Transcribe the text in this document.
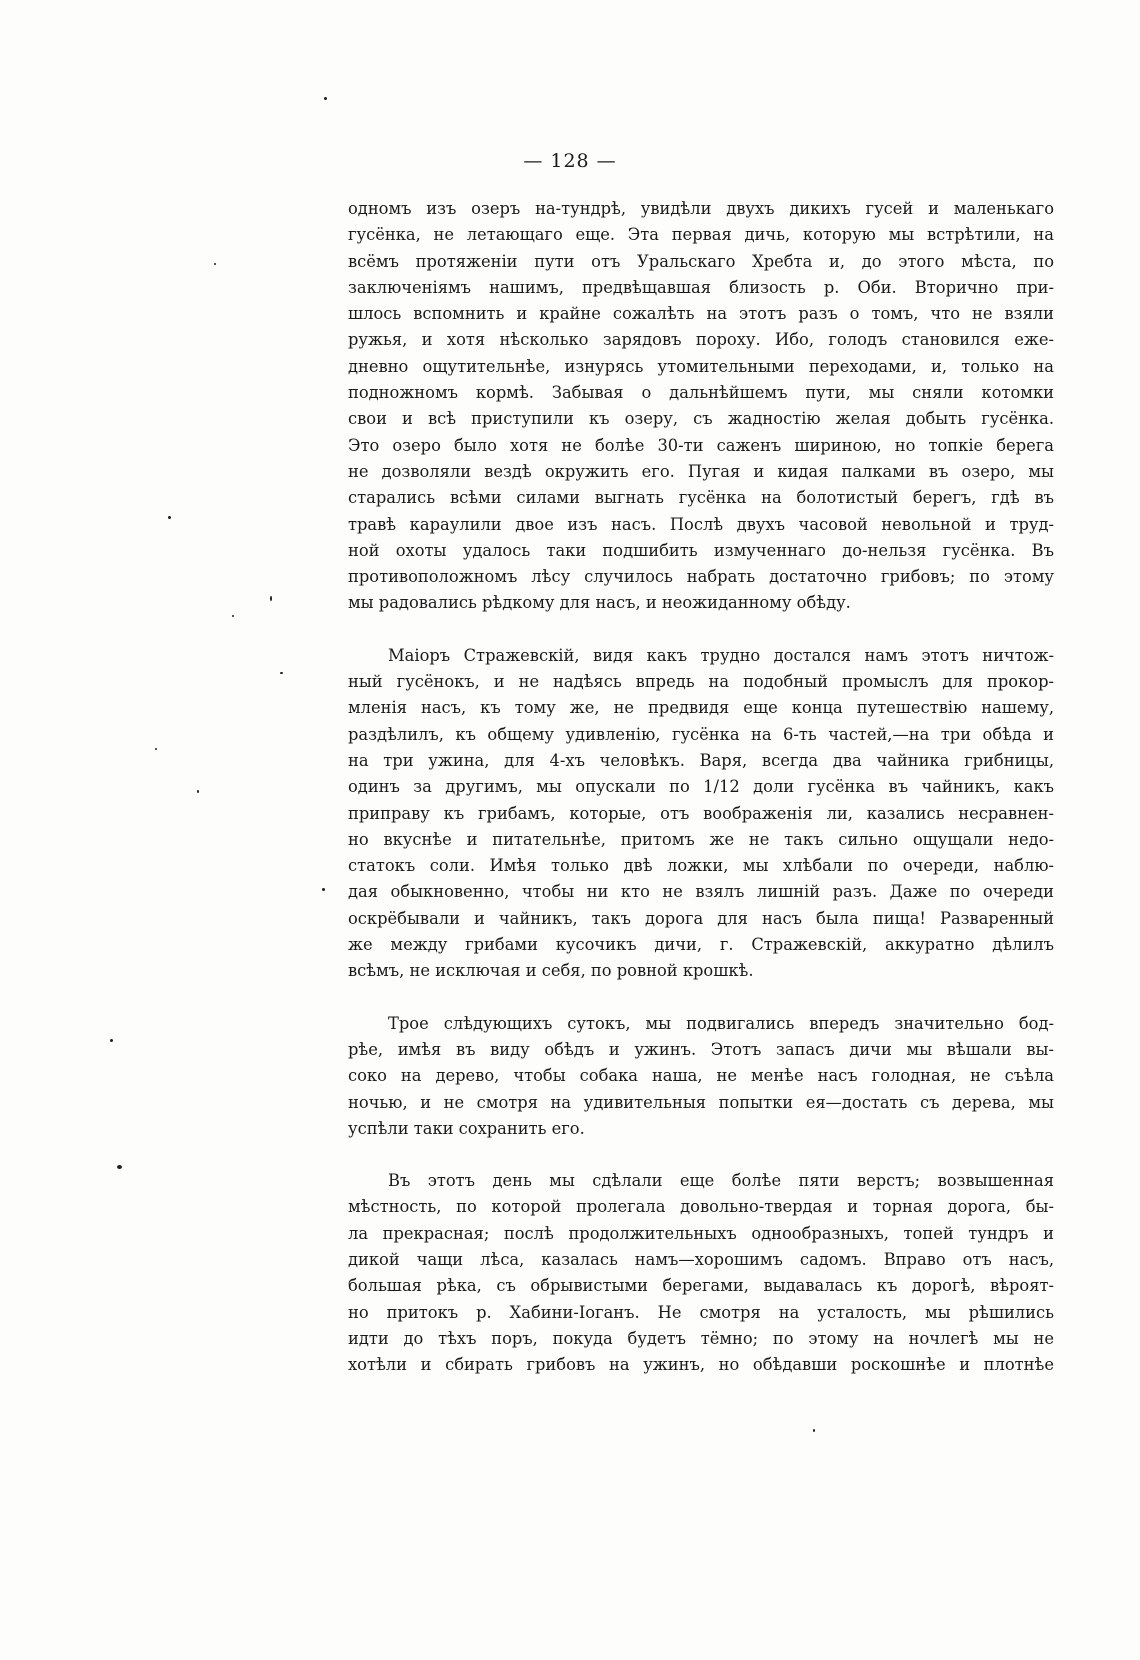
— 128 —
одномъ изъ озеръ на-тундрѣ, увидѣли двухъ дикихъ гусей и маленькаго
гусёнка, не летающаго еще. Эта первая дичь, которую мы встрѣтили, на
всёмъ протяженіи пути отъ Уральскаго Хребта и, до этого мѣста, по
заключеніямъ нашимъ, предвѣщавшая близость р. Оби. Вторично при-
шлось вспомнить и крайне сожалѣть на этотъ разъ о томъ, что не взяли
ружья, и хотя нѣсколько зарядовъ пороху. Ибо, голодъ становился еже-
дневно ощутительнѣе, изнурясь утомительными переходами, и, только на
подножномъ кормѣ. Забывая о дальнѣйшемъ пути, мы сняли котомки
свои и всѣ приступили къ озеру, съ жадностію желая добыть гусёнка.
Это озеро было хотя не болѣе 30-ти саженъ шириною, но топкіе берега
не дозволяли вездѣ окружить его. Пугая и кидая палками въ озеро, мы
старались всѣми силами выгнать гусёнка на болотистый берегъ, гдѣ въ
травѣ караулили двое изъ насъ. Послѣ двухъ часовой невольной и труд-
ной охоты удалось таки подшибить измученнаго до-нельзя гусёнка. Въ
противоположномъ лѣсу случилось набрать достаточно грибовъ; по этому
мы радовались рѣдкому для насъ, и неожиданному обѣду.
Маіоръ Стражевскій, видя какъ трудно достался намъ этотъ ничтож-
ный гусёнокъ, и не надѣясь впредь на подобный промыслъ для прокор-
мленія насъ, къ тому же, не предвидя еще конца путешествію нашему,
раздѣлилъ, къ общему удивленію, гусёнка на 6-ть частей,—на три обѣда и
на три ужина, для 4-хъ человѣкъ. Варя, всегда два чайника грибницы,
одинъ за другимъ, мы опускали по 1/12 доли гусёнка въ чайникъ, какъ
приправу къ грибамъ, которые, отъ воображенія ли, казались несравнен-
но вкуснѣе и питательнѣе, притомъ же не такъ сильно ощущали недо-
статокъ соли. Имѣя только двѣ ложки, мы хлѣбали по очереди, наблю-
дая обыкновенно, чтобы ни кто не взялъ лишній разъ. Даже по очереди
оскрёбывали и чайникъ, такъ дорога для насъ была пища! Разваренный
же между грибами кусочикъ дичи, г. Стражевскій, аккуратно дѣлилъ
всѣмъ, не исключая и себя, по ровной крошкѣ.
Трое слѣдующихъ сутокъ, мы подвигались впередъ значительно бод-
рѣе, имѣя въ виду обѣдъ и ужинъ. Этотъ запасъ дичи мы вѣшали вы-
соко на дерево, чтобы собака наша, не менѣе насъ голодная, не съѣла
ночью, и не смотря на удивительныя попытки ея—достать съ дерева, мы
успѣли таки сохранить его.
Въ этотъ день мы сдѣлали еще болѣе пяти верстъ; возвышенная
мѣстность, по которой пролегала довольно-твердая и торная дорога, бы-
ла прекрасная; послѣ продолжительныхъ однообразныхъ, топей тундръ и
дикой чащи лѣса, казалась намъ—хорошимъ садомъ. Вправо отъ насъ,
большая рѣка, съ обрывистыми берегами, выдавалась къ дорогѣ, вѣроят-
но притокъ р. Хабини-Іоганъ. Не смотря на усталость, мы рѣшились
идти до тѣхъ поръ, покуда будетъ тёмно; по этому на ночлегѣ мы не
хотѣли и сбирать грибовъ на ужинъ, но обѣдавши роскошнѣе и плотнѣе
